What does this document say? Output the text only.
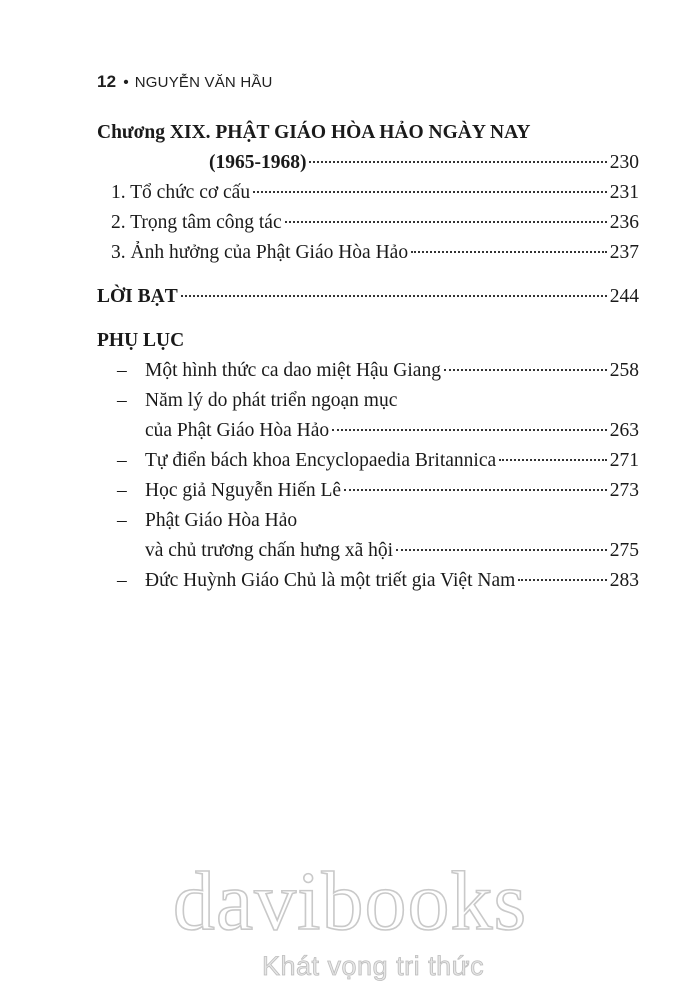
12 • NGUYỄN VĂN HẦU
Chương XIX. PHẬT GIÁO HÒA HẢO NGÀY NAY
(1965-1968)	230
1. Tổ chức cơ cấu	231
2. Trọng tâm công tác	236
3. Ảnh hưởng của Phật Giáo Hòa Hảo	237
LỜI BẠT	244
PHỤ LỤC
– Một hình thức ca dao miệt Hậu Giang	258
– Năm lý do phát triển ngoạn mục
của Phật Giáo Hòa Hảo	263
– Tự điển bách khoa Encyclopaedia Britannica	271
– Học giả Nguyễn Hiến Lê	273
– Phật Giáo Hòa Hảo
và chủ trương chấn hưng xã hội	275
– Đức Huỳnh Giáo Chủ là một triết gia Việt Nam	283
davibooks
Khát vọng tri thức
